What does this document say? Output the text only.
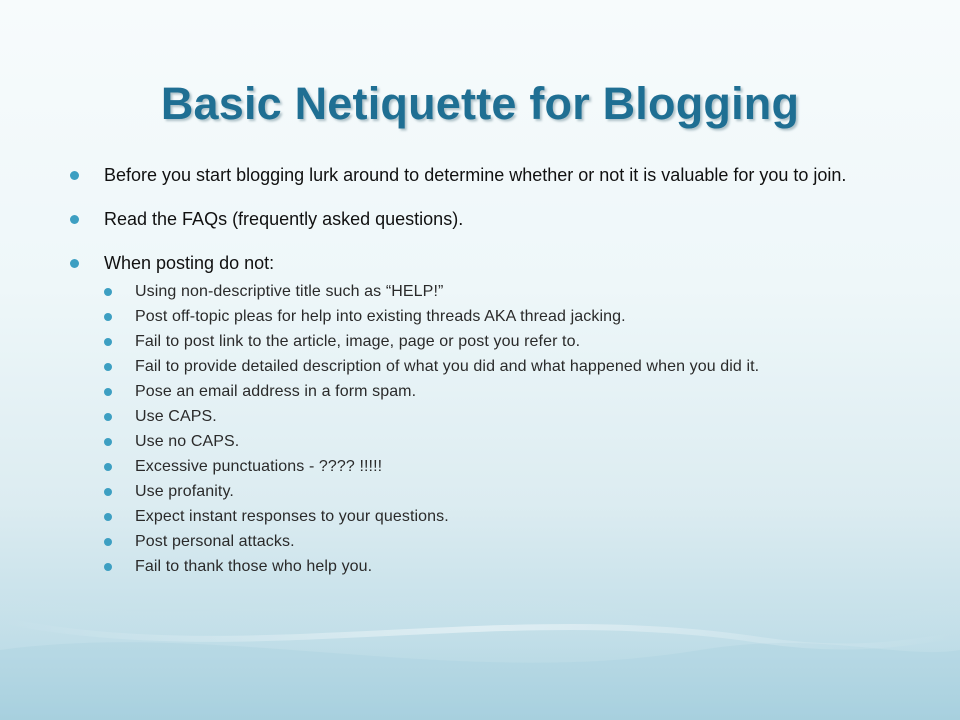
Basic Netiquette for Blogging
Before you start blogging lurk around to determine whether or not it is valuable for you to join.
Read the FAQs (frequently asked questions).
When posting do not:
Using non-descriptive title such as “HELP!”
Post off-topic pleas for help into existing threads AKA thread jacking.
Fail to post link to the article, image, page or post you refer to.
Fail to provide detailed description of what you did and what happened when you did it.
Pose an email address in a form spam.
Use CAPS.
Use no CAPS.
Excessive punctuations - ???? !!!!!
Use profanity.
Expect instant responses to your questions.
Post personal attacks.
Fail to thank those who help you.
